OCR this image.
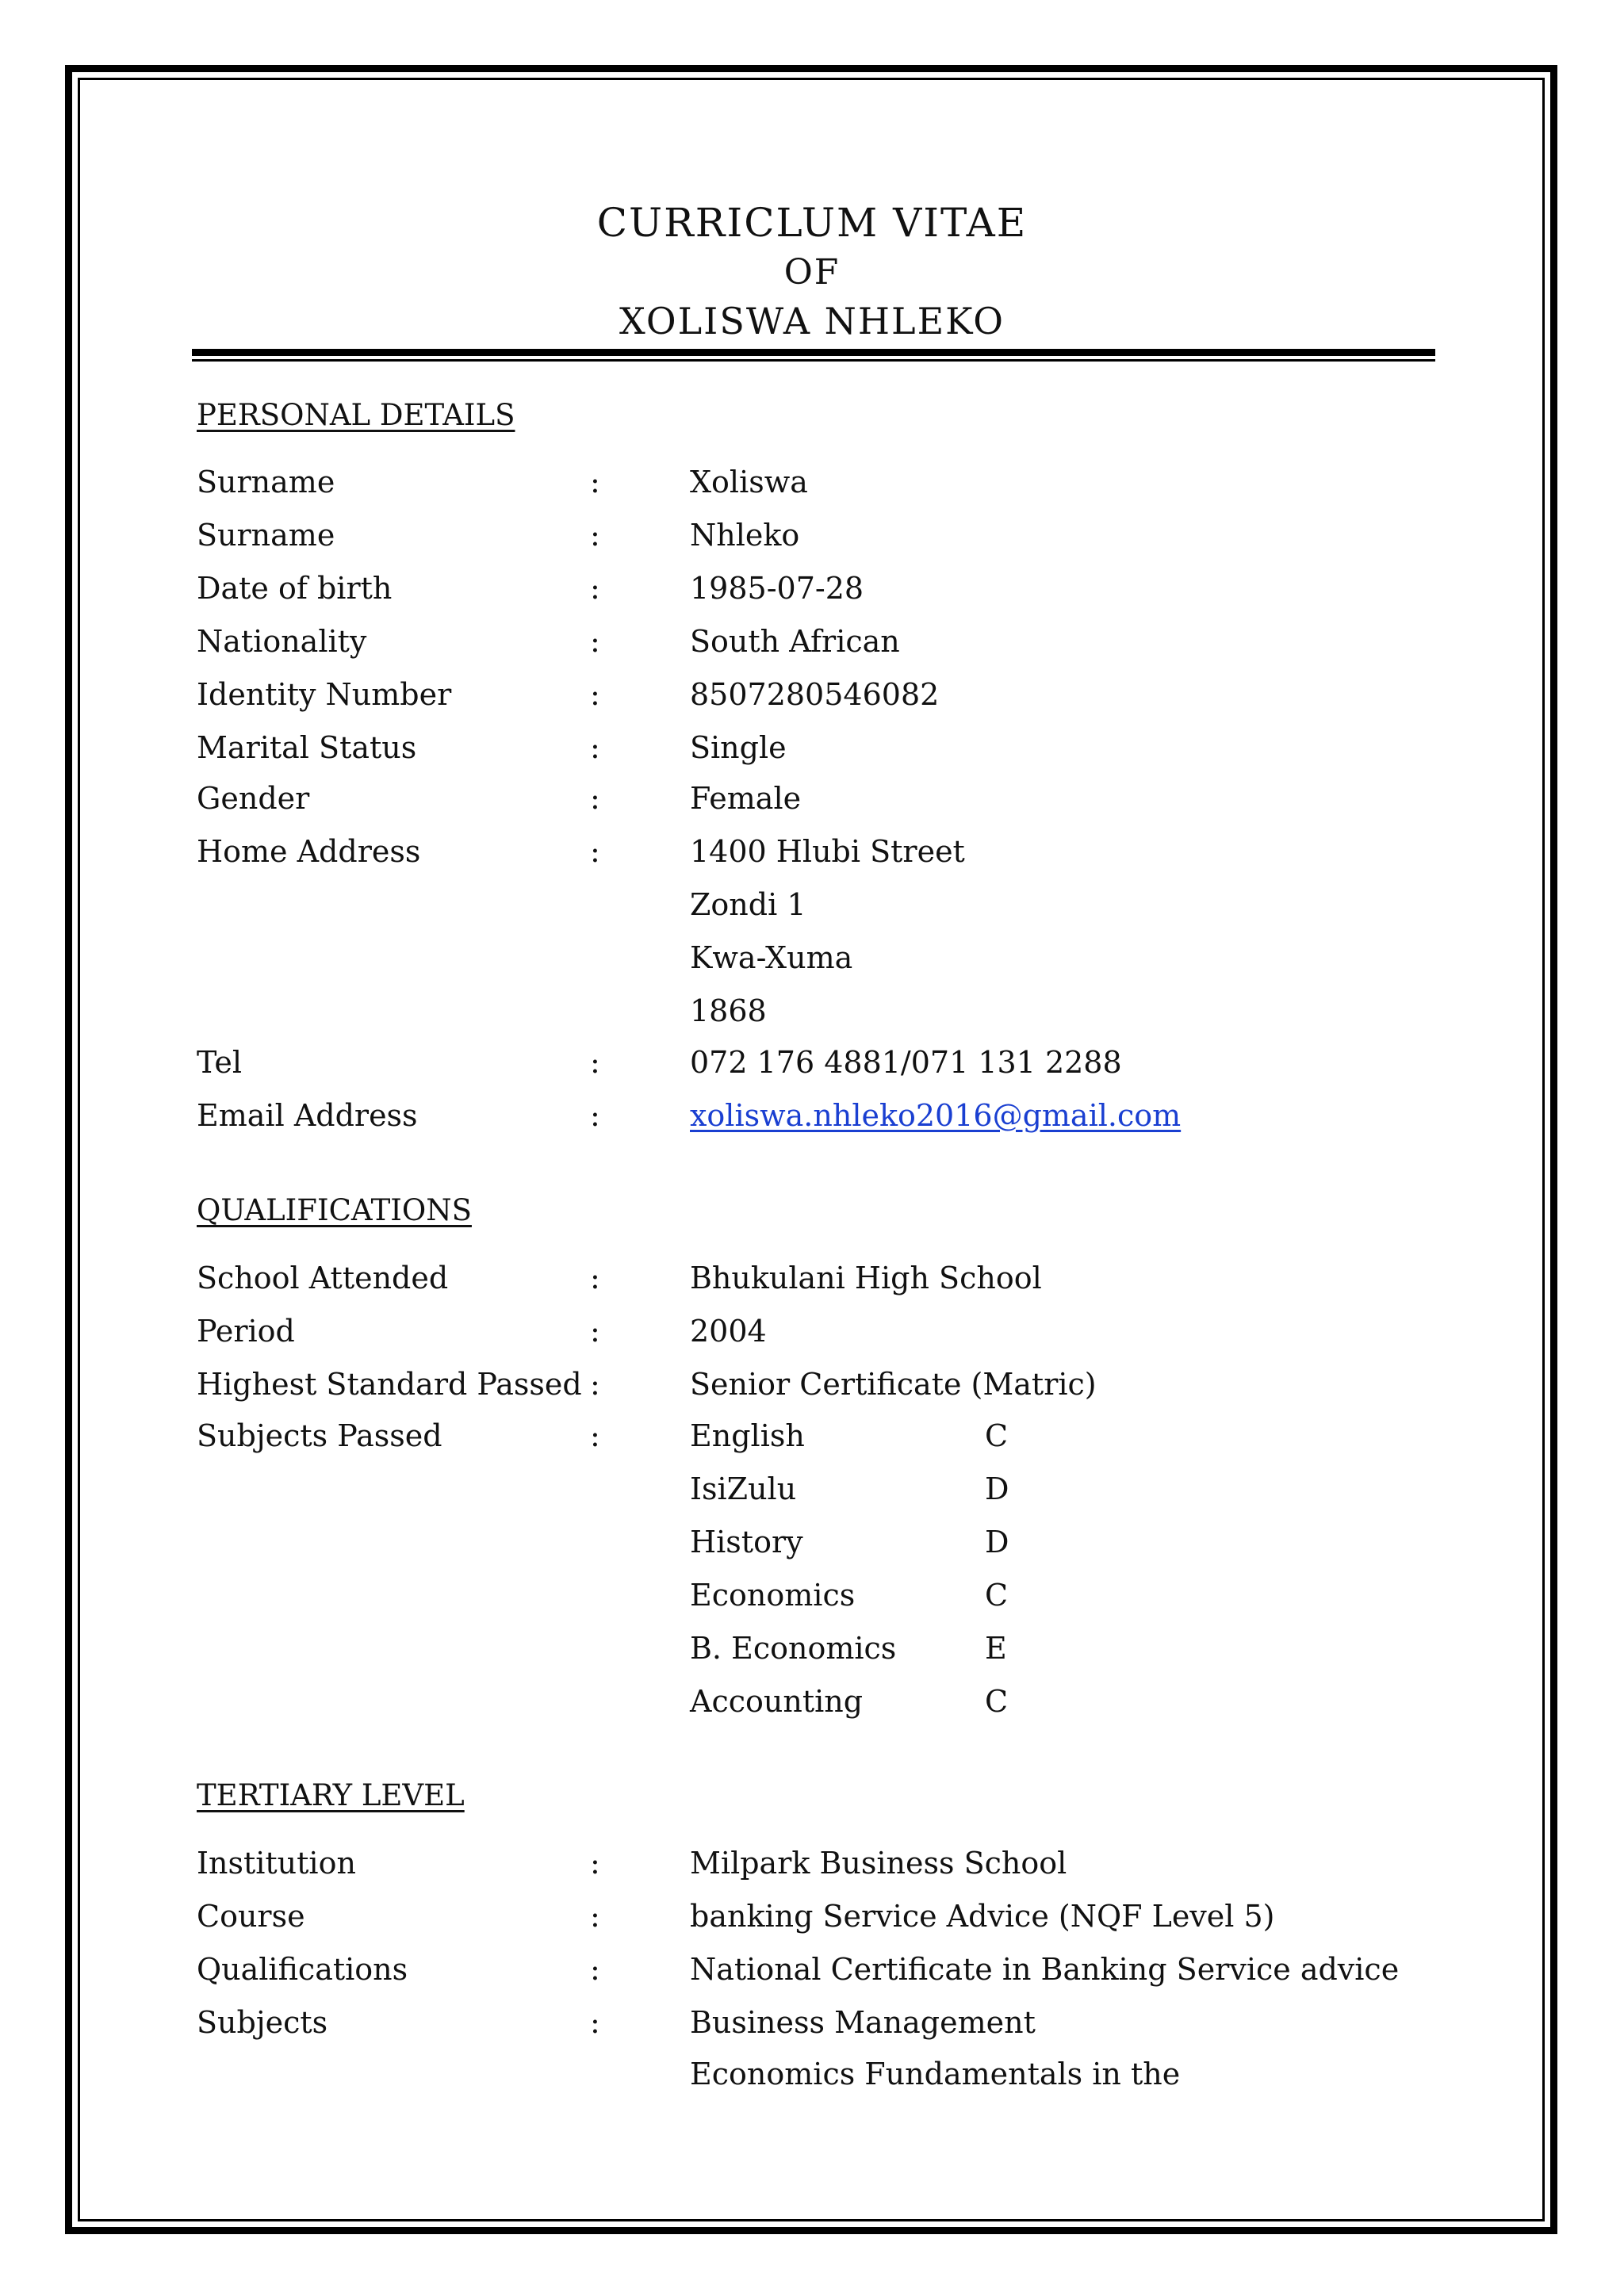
CURRICLUM VITAE
OF
XOLISWA NHLEKO
PERSONAL DETAILS
Surname	:	Xoliswa
Surname	:	Nhleko
Date of birth	:	1985-07-28
Nationality	:	South African
Identity Number	:	8507280546082
Marital Status	:	Single
Gender	:	Female
Home Address	:	1400 Hlubi Street
Zondi 1
Kwa-Xuma
1868
Tel	:	072 176 4881/071 131 2288
Email Address	:	xoliswa.nhleko2016@gmail.com
QUALIFICATIONS
School Attended	:	Bhukulani High School
Period	:	2004
Highest Standard Passed :	Senior Certificate (Matric)
Subjects Passed	:	English	C
IsiZulu	D
History	D
Economics	C
B. Economics	E
Accounting	C
TERTIARY LEVEL
Institution	:	Milpark Business School
Course	:	banking Service Advice (NQF Level 5)
Qualifications	:	National Certificate in Banking Service advice
Subjects	:	Business Management
Economics Fundamentals in the
